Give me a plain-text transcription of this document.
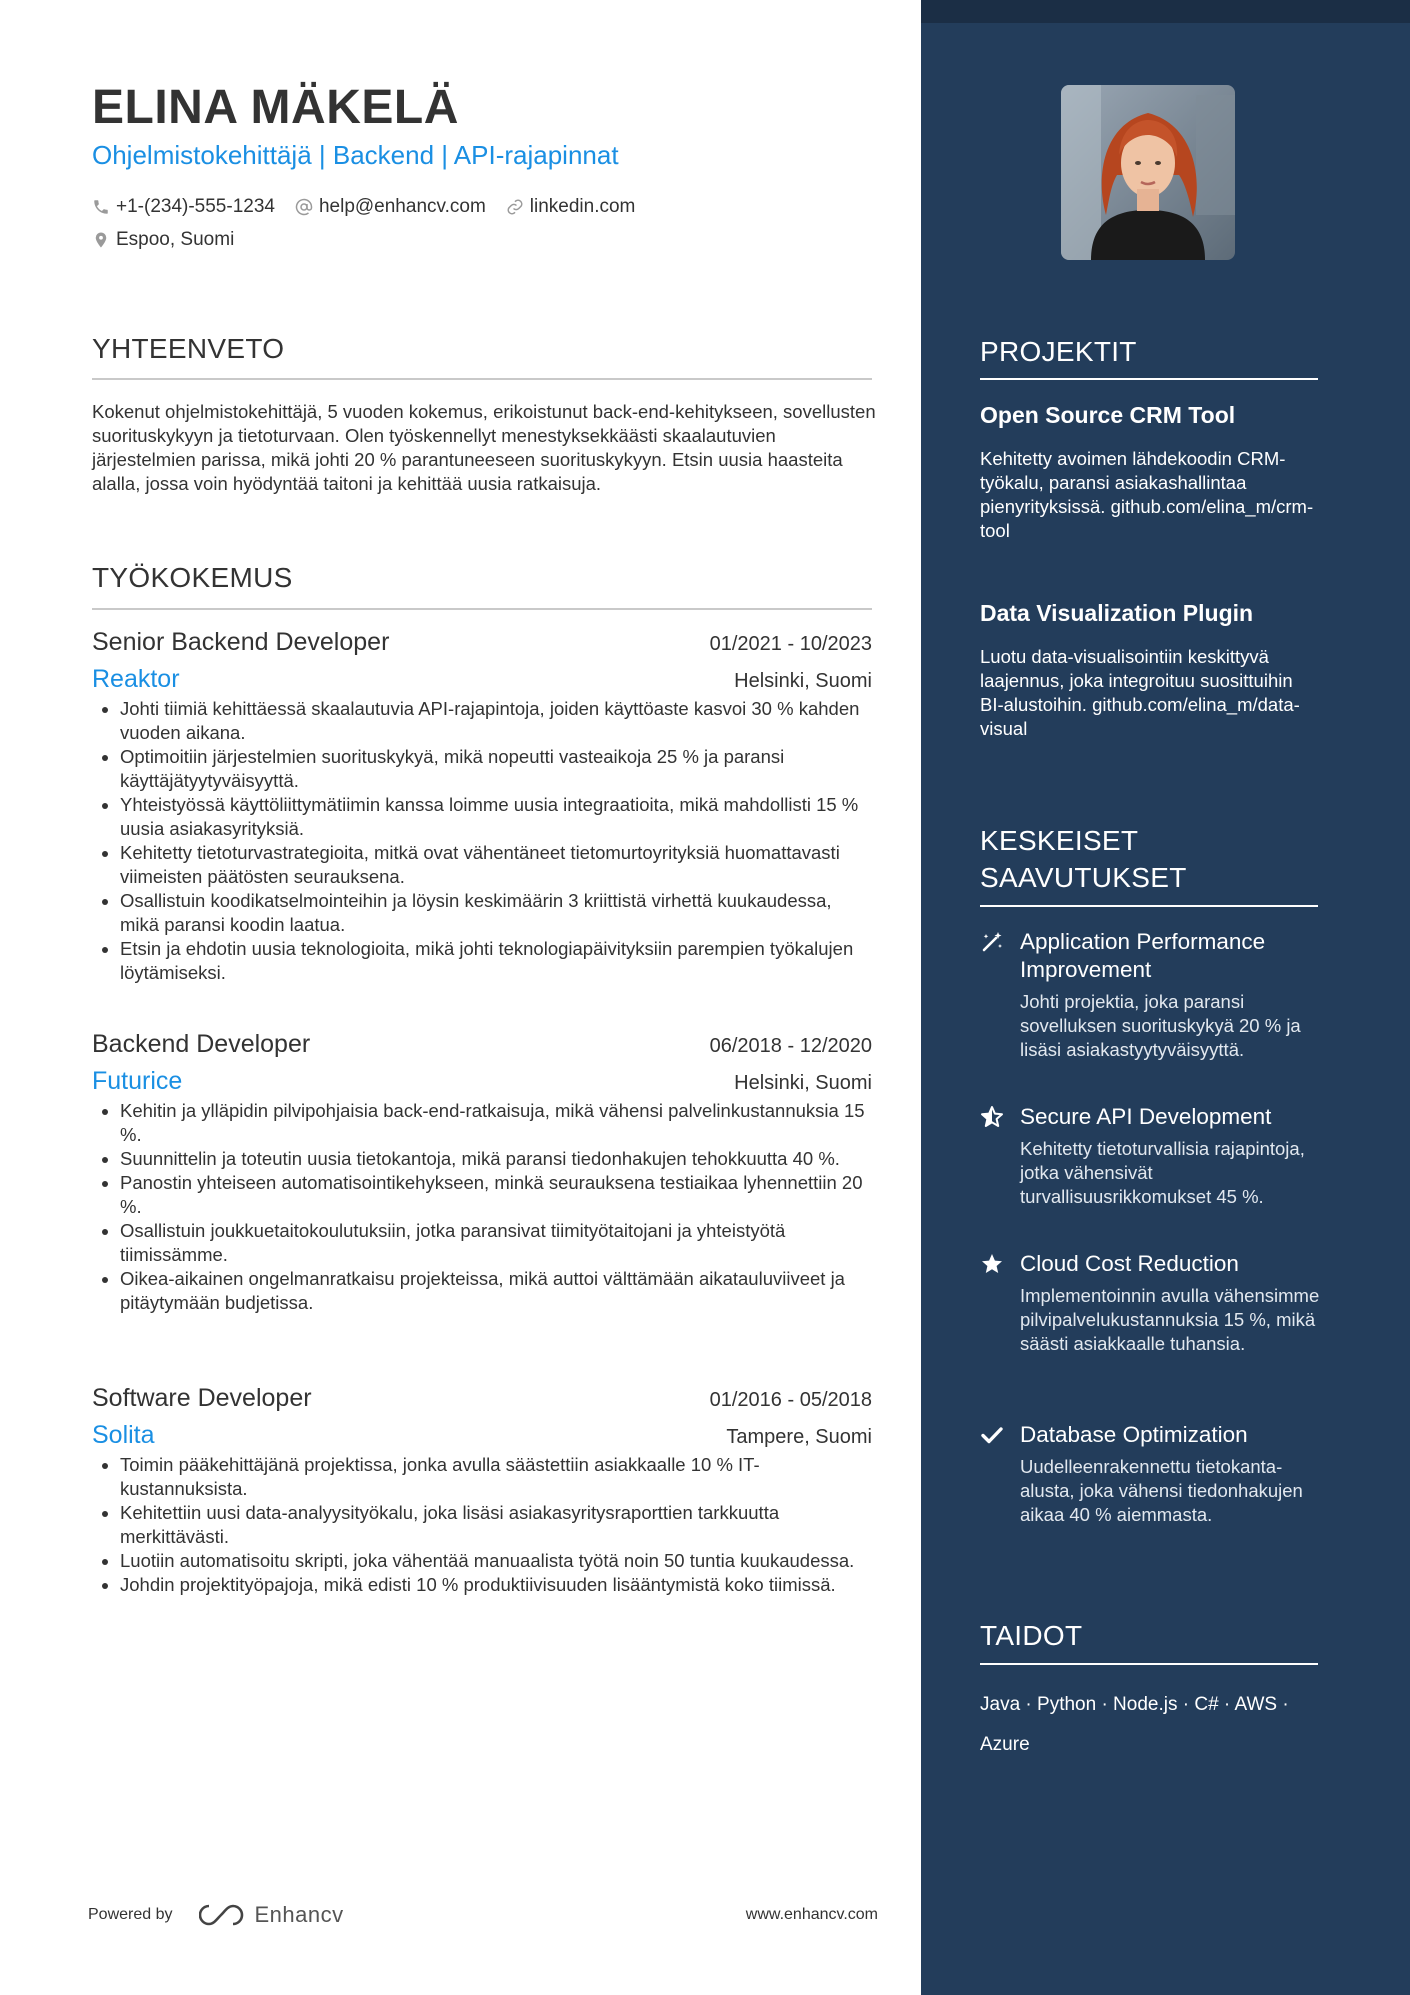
ELINA MÄKELÄ
Ohjelmistokehittäjä | Backend | API-rajapinnat
+1-(234)-555-1234 help@enhancv.com linkedin.com
Espoo, Suomi
YHTEENVETO
Kokenut ohjelmistokehittäjä, 5 vuoden kokemus, erikoistunut back-end-kehitykseen, sovellusten suorituskykyyn ja tietoturvaan. Olen työskennellyt menestyksekkäästi skaalautuvien järjestelmien parissa, mikä johti 20 % parantuneeseen suorituskykyyn. Etsin uusia haasteita alalla, jossa voin hyödyntää taitoni ja kehittää uusia ratkaisuja.
TYÖKOKEMUS
Senior Backend Developer	01/2021 - 10/2023
Reaktor	Helsinki, Suomi
• Johti tiimiä kehittäessä skaalautuvia API-rajapintoja, joiden käyttöaste kasvoi 30 % kahden vuoden aikana.
• Optimoitiin järjestelmien suorituskykyä, mikä nopeutti vasteaikoja 25 % ja paransi käyttäjätyytyväisyyttä.
• Yhteistyössä käyttöliittymätiimin kanssa loimme uusia integraatioita, mikä mahdollisti 15 % uusia asiakasyrityksiä.
• Kehitetty tietoturvastrategioita, mitkä ovat vähentäneet tietomurtoyrityksiä huomattavasti viimeisten päätösten seurauksena.
• Osallistuin koodikatselmointeihin ja löysin keskimäärin 3 kriittistä virhettä kuukaudessa, mikä paransi koodin laatua.
• Etsin ja ehdotin uusia teknologioita, mikä johti teknologiapäivityksiin parempien työkalujen löytämiseksi.
Backend Developer	06/2018 - 12/2020
Futurice	Helsinki, Suomi
• Kehitin ja ylläpidin pilvipohjaisia back-end-ratkaisuja, mikä vähensi palvelinkustannuksia 15 %.
• Suunnittelin ja toteutin uusia tietokantoja, mikä paransi tiedonhakujen tehokkuutta 40 %.
• Panostin yhteiseen automatisointikehykseen, minkä seurauksena testiaikaa lyhennettiin 20 %.
• Osallistuin joukkuetaitokoulutuksiin, jotka paransivat tiimityötaitojani ja yhteistyötä tiimissämme.
• Oikea-aikainen ongelmanratkaisu projekteissa, mikä auttoi välttämään aikatauluviiveet ja pitäytymään budjetissa.
Software Developer	01/2016 - 05/2018
Solita	Tampere, Suomi
• Toimin pääkehittäjänä projektissa, jonka avulla säästettiin asiakkaalle 10 % IT-kustannuksista.
• Kehitettiin uusi data-analyysityökalu, joka lisäsi asiakasyritysraporttien tarkkuutta merkittävästi.
• Luotiin automatisoitu skripti, joka vähentää manuaalista työtä noin 50 tuntia kuukaudessa.
• Johdin projektityöpajoja, mikä edisti 10 % produktiivisuuden lisääntymistä koko tiimissä.
Powered by	Enhancv	www.enhancv.com
PROJEKTIT
Open Source CRM Tool
Kehitetty avoimen lähdekoodin CRM-työkalu, paransi asiakashallintaa pienyrityksissä. github.com/elina_m/crm-tool
Data Visualization Plugin
Luotu data-visualisointiin keskittyvä laajennus, joka integroituu suosittuihin BI-alustoihin. github.com/elina_m/data-visual
KESKEISET
SAAVUTUKSET
Application Performance Improvement
Johti projektia, joka paransi sovelluksen suorituskykyä 20 % ja lisäsi asiakastyytyväisyyttä.
Secure API Development
Kehitetty tietoturvallisia rajapintoja, jotka vähensivät turvallisuusrikkomukset 45 %.
Cloud Cost Reduction
Implementoinnin avulla vähensimme pilvipalvelukustannuksia 15 %, mikä säästi asiakkaalle tuhansia.
Database Optimization
Uudelleenrakennettu tietokanta-alusta, joka vähensi tiedonhakujen aikaa 40 % aiemmasta.
TAIDOT
Java · Python · Node.js · C# · AWS ·
Azure
